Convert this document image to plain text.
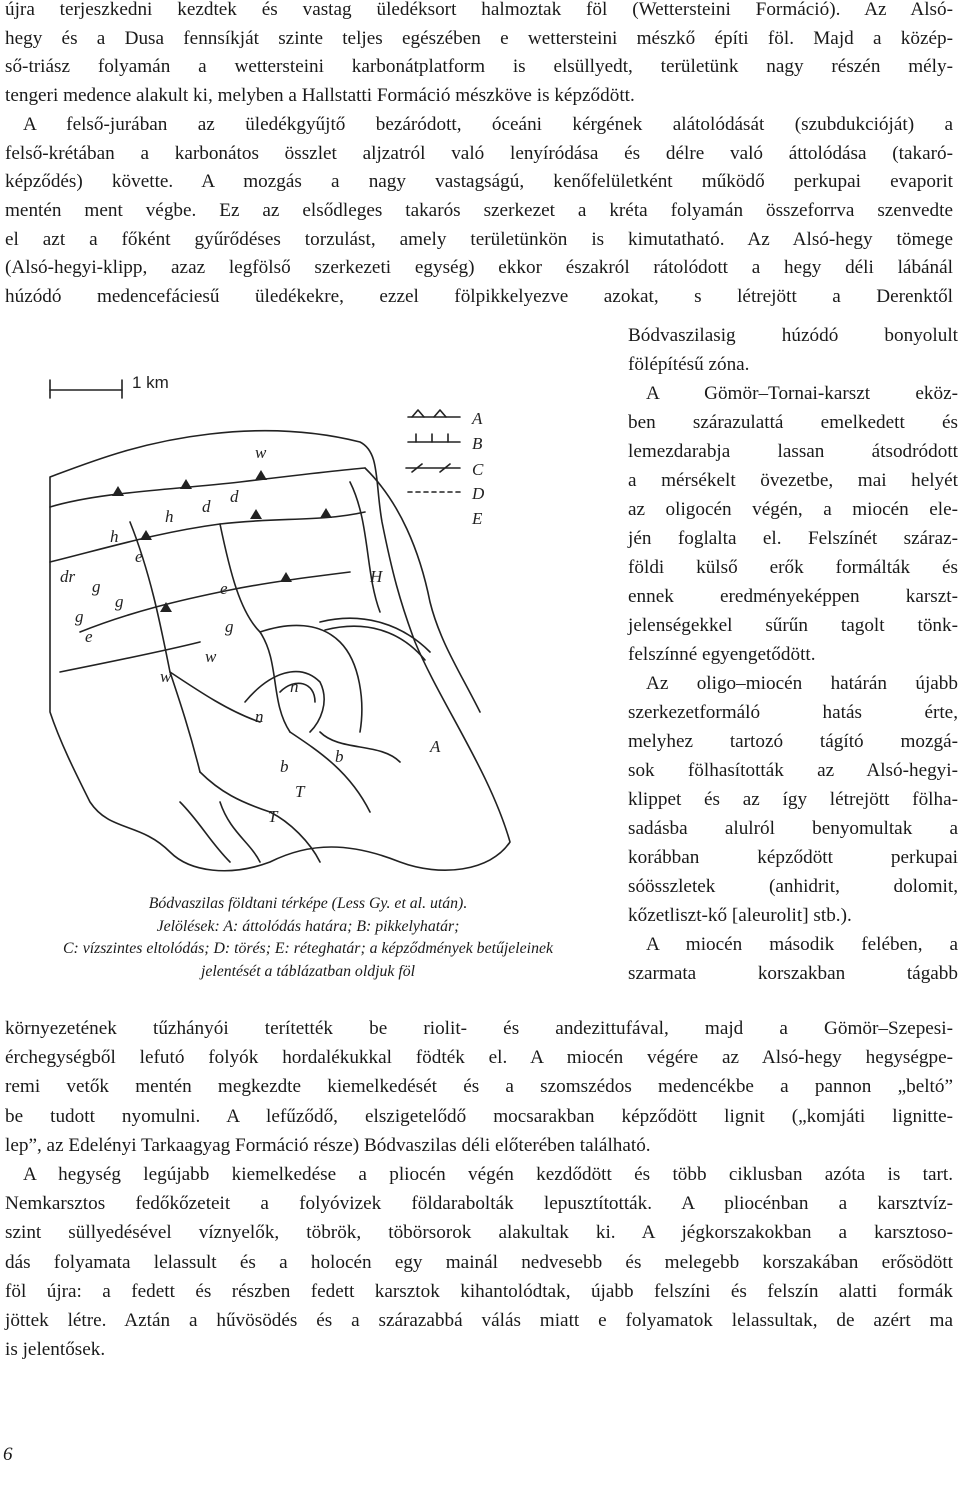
újra terjeszkedni kezdtek és vastag üledéksort halmoztak föl (Wettersteini Formáció). Az Alsó-
hegy és a Dusa fennsíkját szinte teljes egészében e wettersteini mészkő építi föl. Majd a közép-
ső-triász folyamán a wettersteini karbonátplatform is elsüllyedt, területünk nagy részén mély-
tengeri medence alakult ki, melyben a Hallstatti Formáció mészköve is képződött.
A felső-jurában az üledékgyűjtő bezáródott, óceáni kérgének alátolódását (szubdukcióját) a
felső-krétában a karbonátos összlet aljzatról való lenyíródása és délre való áttolódása (takaró-
képződés) követte. A mozgás a nagy vastagságú, kenőfelületként működő perkupai evaporit
mentén ment végbe. Ez az elsődleges takarós szerkezet a kréta folyamán összeforrva szenvedte
el azt a főként gyűrődéses torzulást, amely területünkön is kimutatható. Az Alsó-hegy tömege
(Alsó-hegyi-klipp, azaz legfölső szerkezeti egység) ekkor északról rátolódott a hegy déli lábánál
húzódó medencefáciesű üledékekre, ezzel fölpikkelyezve azokat, s létrejött a Derenktől
1 km
A
B
C
D
E
w
h
d
d
e
e
g
g
H
w
w
n
n
b
b
T
T
A
g
dr
e
h
g
Bódvaszilas földtani térképe (Less Gy. et al. után).
Jelölések: A: áttolódás határa; B: pikkelyhatár;
C: vízszintes eltolódás; D: törés; E: réteghatár; a képződmények betűjeleinek
jelentését a táblázatban oldjuk föl
Bódvaszilasig húzódó bonyolult
fölépítésű zóna.
A Gömör–Tornai-karszt eköz-
ben szárazulattá emelkedett és
lemezdarabja lassan átsodródott
a mérsékelt övezetbe, mai helyét
az oligocén végén, a miocén ele-
jén foglalta el. Felszínét száraz-
földi külső erők formálták és
ennek eredményeképpen karszt-
jelenségekkel sűrűn tagolt tönk-
felszínné egyengetődött.
Az oligo–miocén határán újabb
szerkezetformáló hatás érte,
melyhez tartozó tágító mozgá-
sok fölhasították az Alsó-hegyi-
klippet és az így létrejött fölha-
sadásba alulról benyomultak a
korábban képződött perkupai
sóösszletek (anhidrit, dolomit,
kőzetliszt-kő [aleurolit] stb.).
A miocén második felében, a
szarmata korszakban tágabb
környezetének tűzhányói terítették be riolit- és andezittufával, majd a Gömör–Szepesi-
érchegységből lefutó folyók hordalékukkal födték el. A miocén végére az Alsó-hegy hegységpe-
remi vetők mentén megkezdte kiemelkedését és a szomszédos medencékbe a pannon „beltó”
be tudott nyomulni. A lefűződő, elszigetelődő mocsarakban képződött lignit („komjáti lignitte-
lep”, az Edelényi Tarkaagyag Formáció része) Bódvaszilas déli előterében található.
A hegység legújabb kiemelkedése a pliocén végén kezdődött és több ciklusban azóta is tart.
Nemkarsztos fedőkőzeteit a folyóvizek földarabolták lepusztították. A pliocénban a karsztvíz-
szint süllyedésével víznyelők, töbrök, töbörsorok alakultak ki. A jégkorszakokban a karsztoso-
dás folyamata lelassult és a holocén egy mainál nedvesebb és melegebb korszakában erősödött
föl újra: a fedett és részben fedett karsztok kihantolódtak, újabb felszíni és felszín alatti formák
jöttek létre. Aztán a hűvösödés és a szárazabbá válás miatt e folyamatok lelassultak, de azért ma
is jelentősek.
6
